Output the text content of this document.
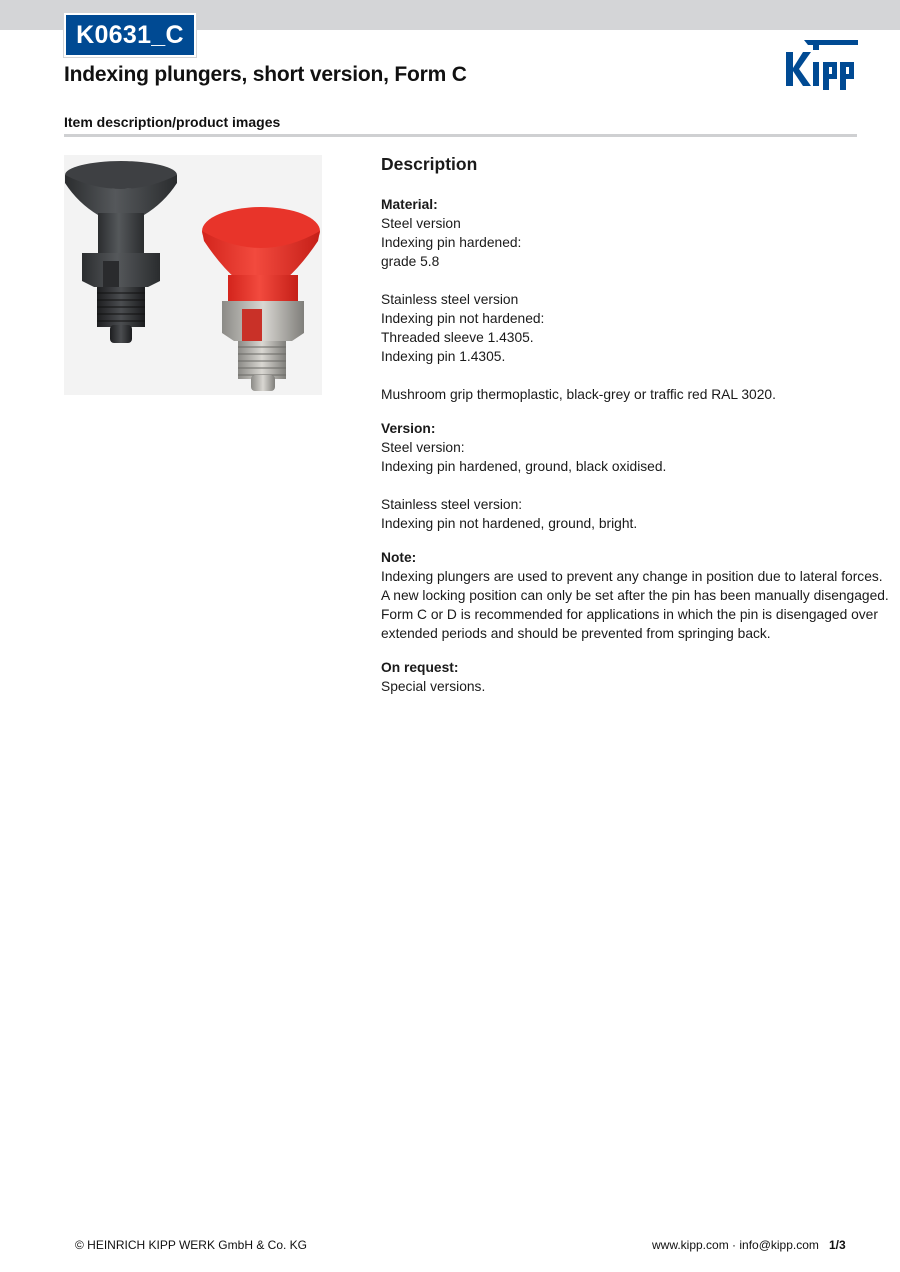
K0631_C
Indexing plungers, short version, Form C
Item description/product images
Description
Material:
Steel version
Indexing pin hardened:
grade 5.8
Stainless steel version
Indexing pin not hardened:
Threaded sleeve 1.4305.
Indexing pin 1.4305.
Mushroom grip thermoplastic, black-grey or traffic red RAL 3020.
Version:
Steel version:
Indexing pin hardened, ground, black oxidised.
Stainless steel version:
Indexing pin not hardened, ground, bright.
Note:
Indexing plungers are used to prevent any change in position due to lateral forces.
A new locking position can only be set after the pin has been manually disengaged.
Form C or D is recommended for applications in which the pin is disengaged over
extended periods and should be prevented from springing back.
On request:
Special versions.
© HEINRICH KIPP WERK GmbH & Co. KG	www.kipp.com · info@kipp.com 1/3
